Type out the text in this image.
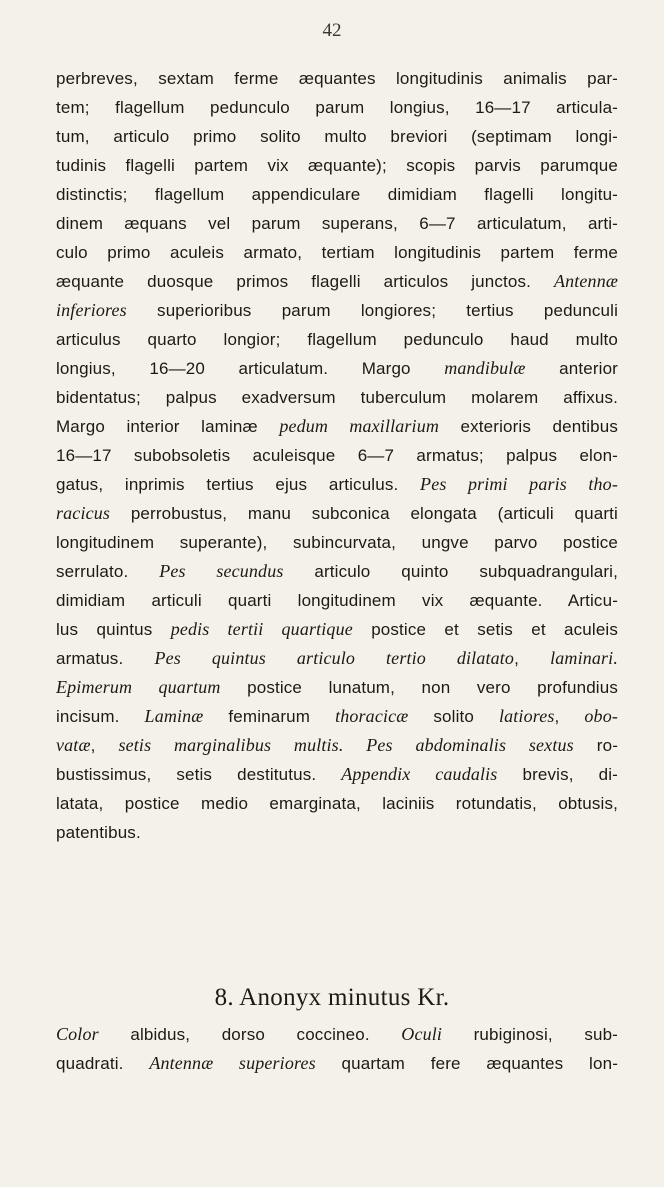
42
perbreves, sextam ferme æquantes longitudinis animalis par-
tem; flagellum pedunculo parum longius, 16—17 articula-
tum, articulo primo solito multo breviori (septimam longi-
tudinis flagelli partem vix æquante); scopis parvis parumque
distinctis; flagellum appendiculare dimidiam flagelli longitu-
dinem æquans vel parum superans, 6—7 articulatum, arti-
culo primo aculeis armato, tertiam longitudinis partem ferme
æquante duosque primos flagelli articulos junctos. Antennæ
inferiores superioribus parum longiores; tertius pedunculi
articulus quarto longior; flagellum pedunculo haud multo
longius, 16—20 articulatum. Margo mandibulæ anterior
bidentatus; palpus exadversum tuberculum molarem affixus.
Margo interior laminæ pedum maxillarium exterioris dentibus
16—17 subobsoletis aculeisque 6—7 armatus; palpus elon-
gatus, inprimis tertius ejus articulus. Pes primi paris tho-
racicus perrobustus, manu subconica elongata (articuli quarti
longitudinem superante), subincurvata, ungve parvo postice
serrulato. Pes secundus articulo quinto subquadrangulari,
dimidiam articuli quarti longitudinem vix æquante. Articu-
lus quintus pedis tertii quartique postice et setis et aculeis
armatus. Pes quintus articulo tertio dilatato, laminari.
Epimerum quartum postice lunatum, non vero profundius
incisum. Laminæ feminarum thoracicæ solito latiores, obo-
vatæ, setis marginalibus multis. Pes abdominalis sextus ro-
bustissimus, setis destitutus. Appendix caudalis brevis, di-
latata, postice medio emarginata, laciniis rotundatis, obtusis,
patentibus.
8. Anonyx minutus Kr.
Color albidus, dorso coccineo. Oculi rubiginosi, sub-
quadrati. Antennæ superiores quartam fere æquantes lon-
